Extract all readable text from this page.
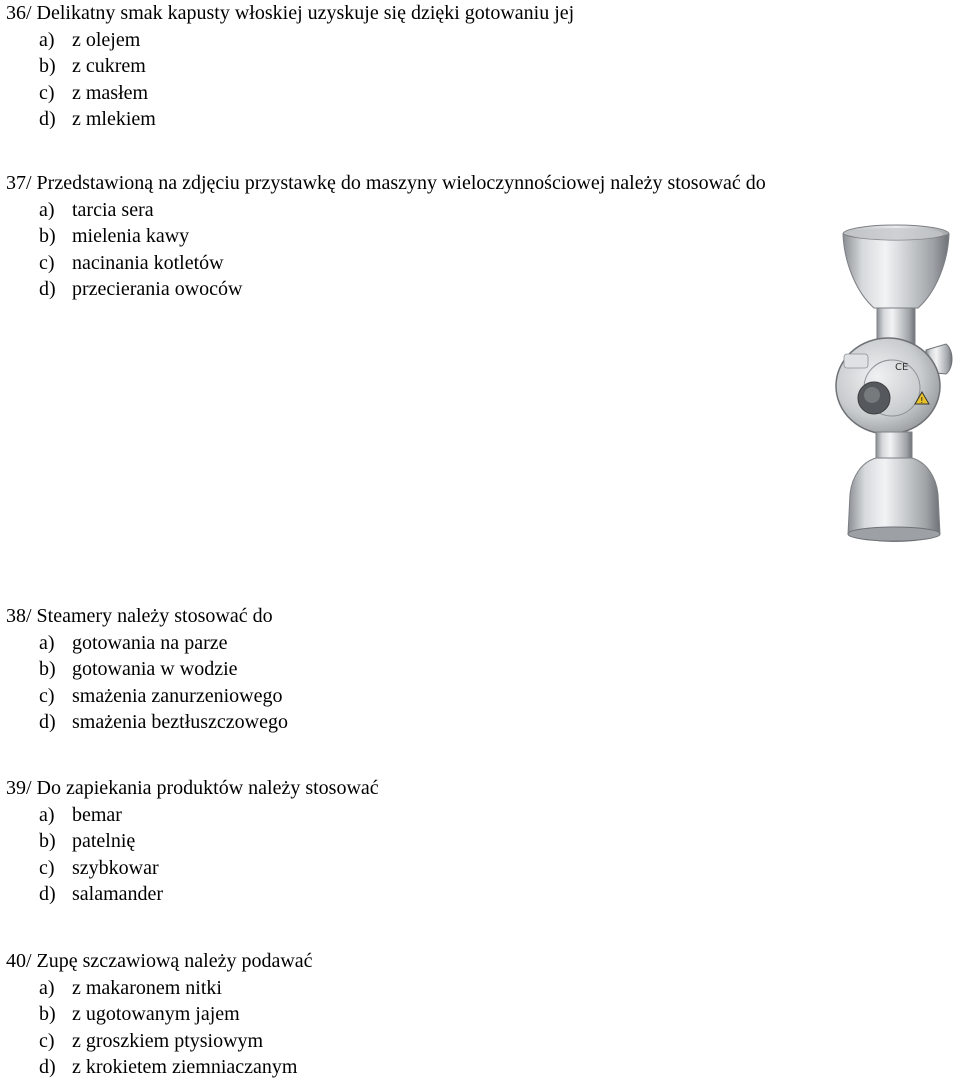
36/ Delikatny smak kapusty włoskiej uzyskuje się dzięki gotowaniu jej
a) z olejem
b) z cukrem
c) z masłem
d) z mlekiem
37/ Przedstawioną na zdjęciu przystawkę do maszyny wieloczynnościowej należy stosować do
a) tarcia sera
b) mielenia kawy
c) nacinania kotletów
d) przecierania owoców
CE
!
38/ Steamery należy stosować do
a) gotowania na parze
b) gotowania w wodzie
c) smażenia zanurzeniowego
d) smażenia beztłuszczowego
39/ Do zapiekania produktów należy stosować
a) bemar
b) patelnię
c) szybkowar
d) salamander
40/ Zupę szczawiową należy podawać
a) z makaronem nitki
b) z ugotowanym jajem
c) z groszkiem ptysiowym
d) z krokietem ziemniaczanym
